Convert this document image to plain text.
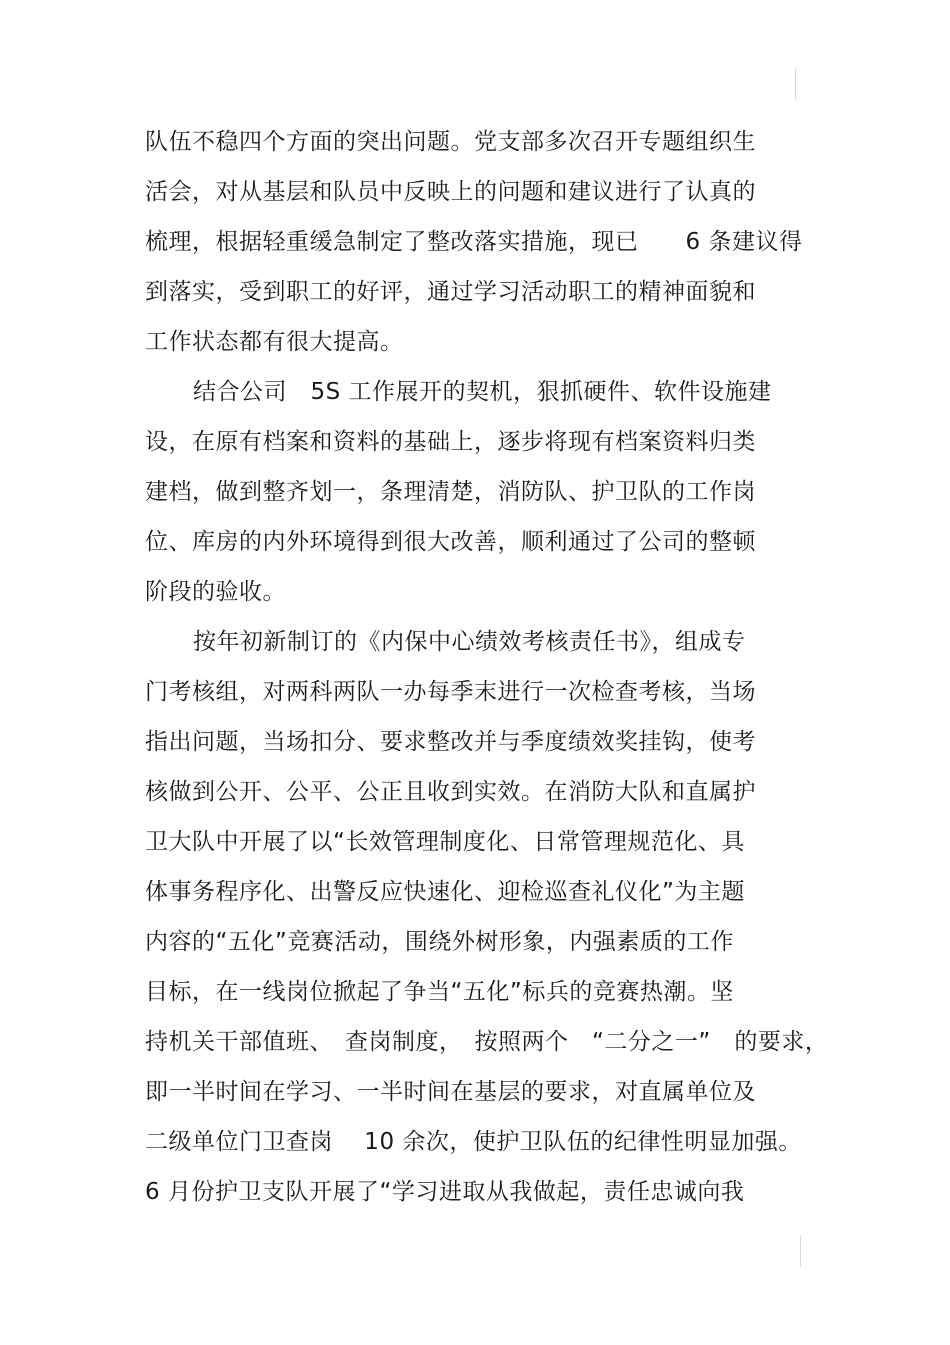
队伍不稳四个方面的突出问题。党支部多次召开专题组织生
活会，对从基层和队员中反映上的问题和建议进行了认真的
梳理，根据轻重缓急制定了整改落实措施，现已　　6 条建议得
到落实，受到职工的好评，通过学习活动职工的精神面貌和
工作状态都有很大提高。
结合公司　5S 工作展开的契机，狠抓硬件、软件设施建
设，在原有档案和资料的基础上，逐步将现有档案资料归类
建档，做到整齐划一，条理清楚，消防队、护卫队的工作岗
位、库房的内外环境得到很大改善，顺利通过了公司的整顿
阶段的验收。
按年初新制订的《内保中心绩效考核责任书》，组成专
门考核组，对两科两队一办每季末进行一次检查考核，当场
指出问题，当场扣分、要求整改并与季度绩效奖挂钩，使考
核做到公开、公平、公正且收到实效。在消防大队和直属护
卫大队中开展了以“长效管理制度化、日常管理规范化、具
体事务程序化、出警反应快速化、迎检巡查礼仪化”为主题
内容的“五化”竞赛活动，围绕外树形象，内强素质的工作
目标，在一线岗位掀起了争当“五化”标兵的竞赛热潮。坚
持机关干部值班、　查岗制度，　按照两个　“二分之一”　的要求，
即一半时间在学习、一半时间在基层的要求，对直属单位及
二级单位门卫查岗　 10 余次，使护卫队伍的纪律性明显加强。
6 月份护卫支队开展了“学习进取从我做起，责任忠诚向我
